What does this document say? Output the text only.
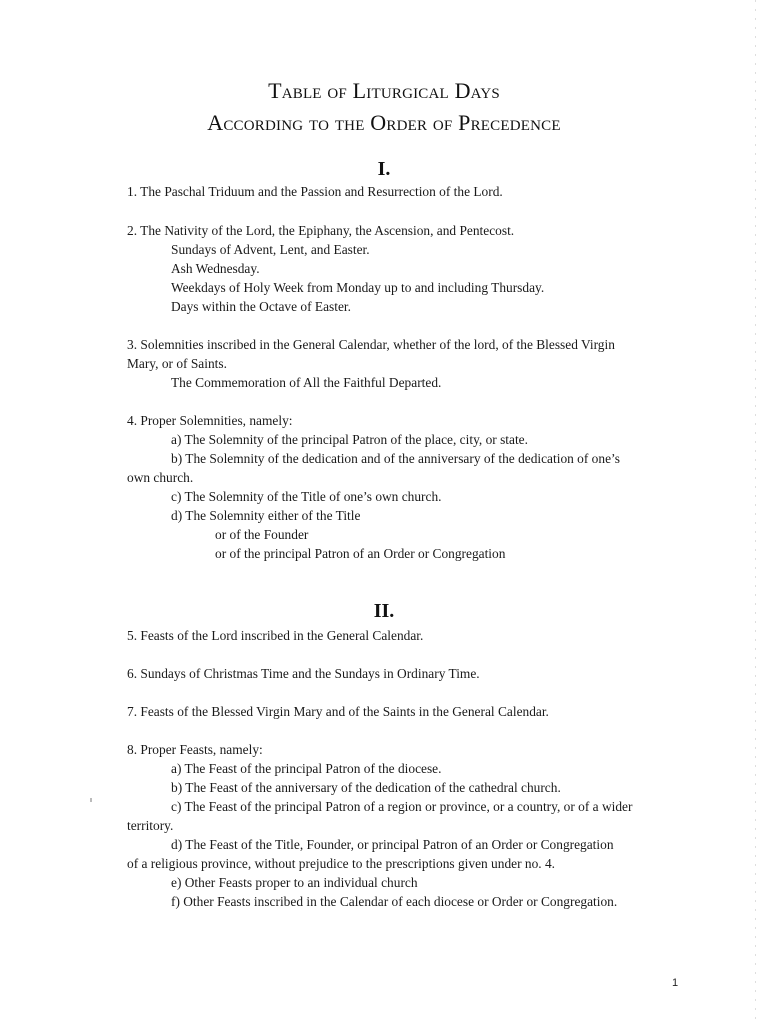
Table of Liturgical Days
According to the Order of Precedence
I.
1. The Paschal Triduum and the Passion and Resurrection of the Lord.
2. The Nativity of the Lord, the Epiphany, the Ascension, and Pentecost.
Sundays of Advent, Lent, and Easter.
Ash Wednesday.
Weekdays of Holy Week from Monday up to and including Thursday.
Days within the Octave of Easter.
3. Solemnities inscribed in the General Calendar, whether of the lord, of the Blessed Virgin
Mary, or of Saints.
The Commemoration of All the Faithful Departed.
4. Proper Solemnities, namely:
a) The Solemnity of the principal Patron of the place, city, or state.
b) The Solemnity of the dedication and of the anniversary of the dedication of one’s
own church.
c) The Solemnity of the Title of one’s own church.
d) The Solemnity either of the Title
or of the Founder
or of the principal Patron of an Order or Congregation
II.
5. Feasts of the Lord inscribed in the General Calendar.
6. Sundays of Christmas Time and the Sundays in Ordinary Time.
7. Feasts of the Blessed Virgin Mary and of the Saints in the General Calendar.
8. Proper Feasts, namely:
a) The Feast of the principal Patron of the diocese.
b) The Feast of the anniversary of the dedication of the cathedral church.
c) The Feast of the principal Patron of a region or province, or a country, or of a wider
territory.
d) The Feast of the Title, Founder, or principal Patron of an Order or Congregation
of a religious province, without prejudice to the prescriptions given under no. 4.
e) Other Feasts proper to an individual church
f) Other Feasts inscribed in the Calendar of each diocese or Order or Congregation.
1
